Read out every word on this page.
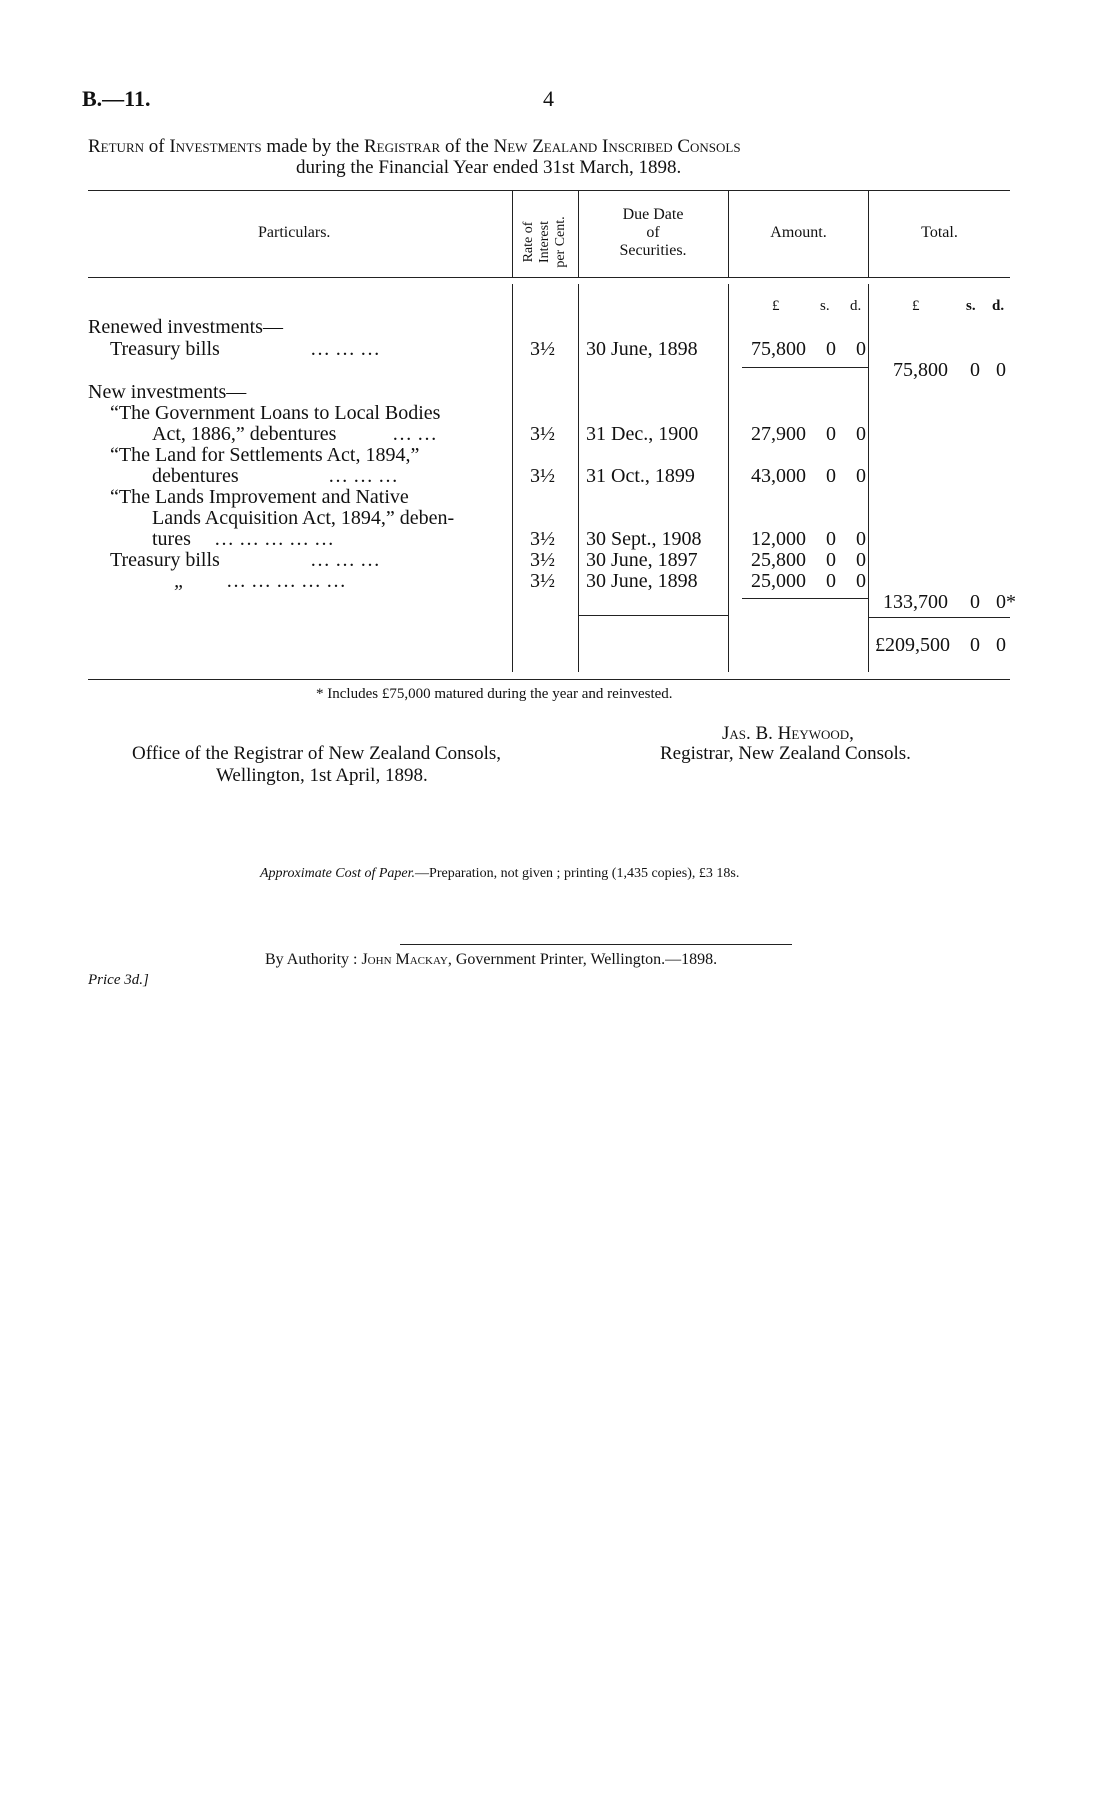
B.—11.	4
Return of Investments made by the Registrar of the New Zealand Inscribed Consols
during the Financial Year ended 31st March, 1898.
Particulars.	Rate of Interest per Cent.
Due Date
of
Securities.
Amount.	Total.
£	s. d.	£	s. d.
Renewed investments—
Treasury bills	… … …	3½ 30 June, 1898	75,800 0 0
75,800 0 0
New investments—
“The Government Loans to Local Bodies
Act, 1886,” debentures	… …	3½ 31 Dec., 1900	27,900 0 0
“The Land for Settlements Act, 1894,”
debentures	… … …	3½ 31 Oct., 1899	43,000 0 0
“The Lands Improvement and Native
Lands Acquisition Act, 1894,” deben-
tures … … … … …	3½ 30 Sept., 1908	12,000 0 0
Treasury bills	… … …	3½ 30 June, 1897	25,800 0 0
„ … … … … …	3½ 30 June, 1898	25,000 0 0
133,700 0 0*
£209,500 0 0
* Includes £75,000 matured during the year and reinvested.
Office of the Registrar of New Zealand Consols,
Wellington, 1st April, 1898.
Jas. B. Heywood,
Registrar, New Zealand Consols.
Approximate Cost of Paper.—Preparation, not given ; printing (1,435 copies), £3 18s.
By Authority : John Mackay, Government Printer, Wellington.—1898.
Price 3d.]
